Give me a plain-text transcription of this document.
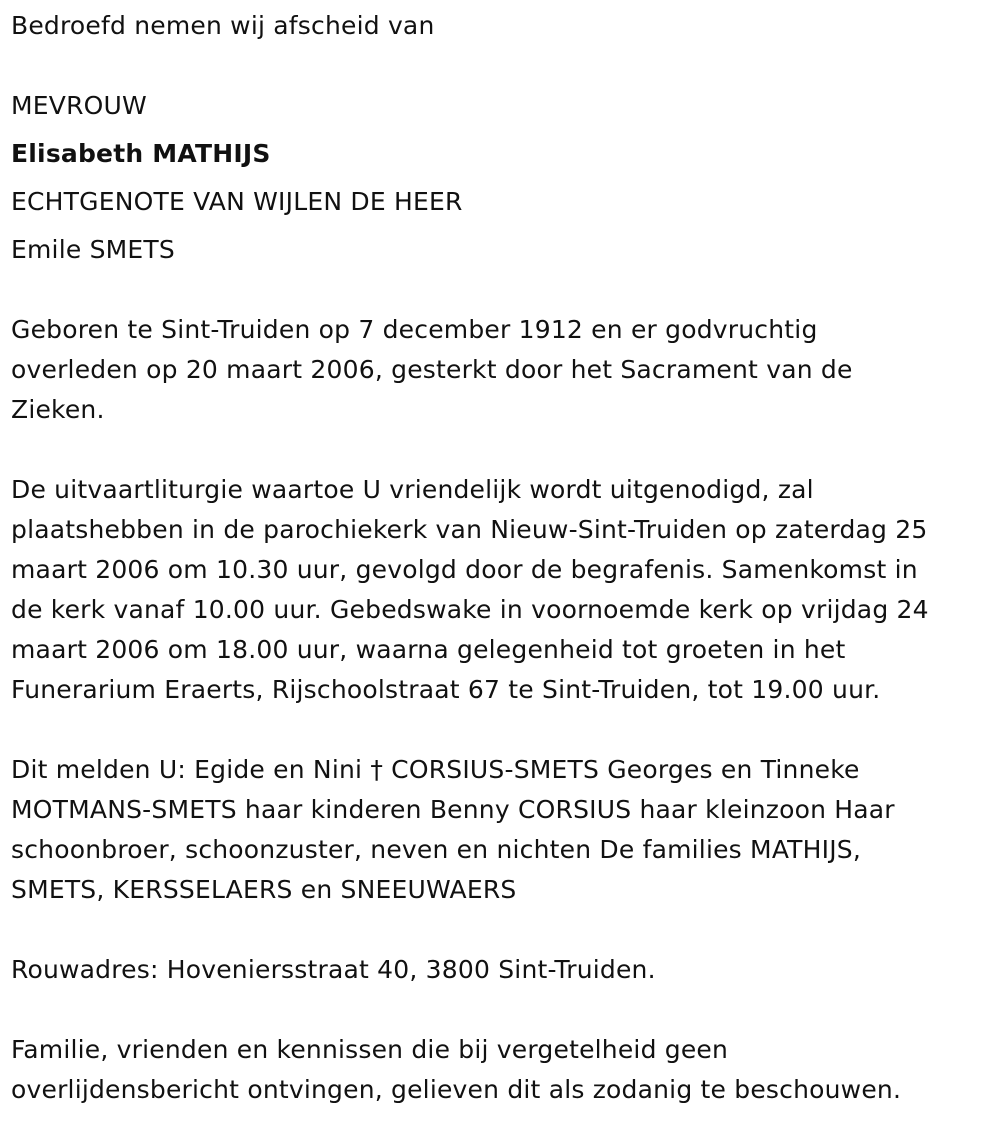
Bedroefd nemen wij afscheid van
MEVROUW
Elisabeth MATHIJS
ECHTGENOTE VAN WIJLEN DE HEER
Emile SMETS
Geboren te Sint-Truiden op 7 december 1912 en er godvruchtig
overleden op 20 maart 2006, gesterkt door het Sacrament van de
Zieken.
De uitvaartliturgie waartoe U vriendelijk wordt uitgenodigd, zal
plaatshebben in de parochiekerk van Nieuw-Sint-Truiden op zaterdag 25
maart 2006 om 10.30 uur, gevolgd door de begrafenis. Samenkomst in
de kerk vanaf 10.00 uur. Gebedswake in voornoemde kerk op vrijdag 24
maart 2006 om 18.00 uur, waarna gelegenheid tot groeten in het
Funerarium Eraerts, Rijschoolstraat 67 te Sint-Truiden, tot 19.00 uur.
Dit melden U: Egide en Nini † CORSIUS-SMETS Georges en Tinneke
MOTMANS-SMETS haar kinderen Benny CORSIUS haar kleinzoon Haar
schoonbroer, schoonzuster, neven en nichten De families MATHIJS,
SMETS, KERSSELAERS en SNEEUWAERS
Rouwadres: Hoveniersstraat 40, 3800 Sint-Truiden.
Familie, vrienden en kennissen die bij vergetelheid geen
overlijdensbericht ontvingen, gelieven dit als zodanig te beschouwen.
